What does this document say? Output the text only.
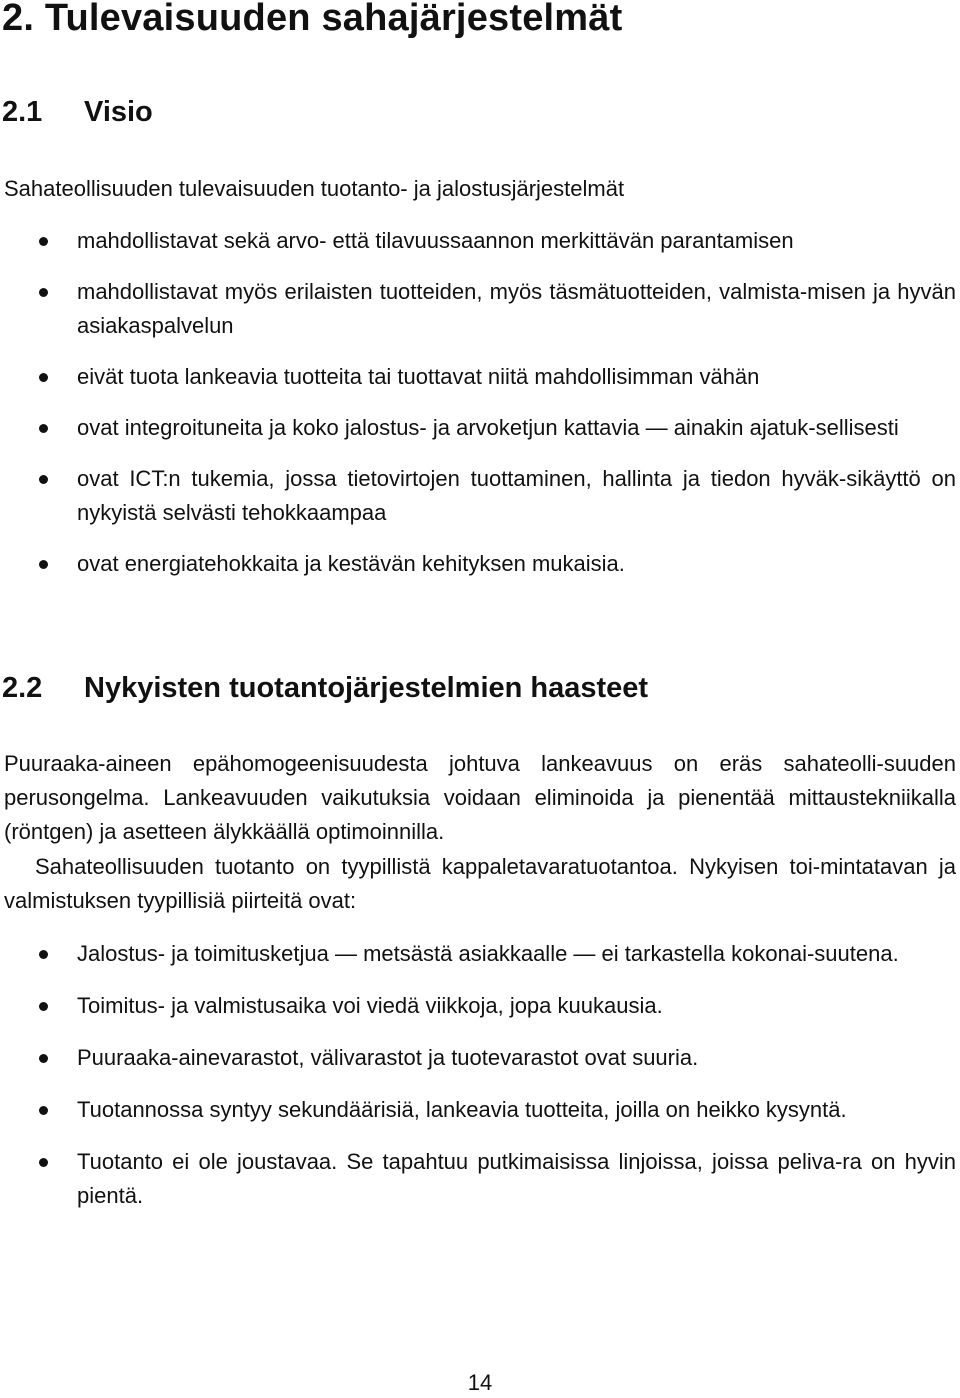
2. Tulevaisuuden sahajärjestelmät
2.1 Visio

Sahateollisuuden tulevaisuuden tuotanto- ja jalostusjärjestelmät

mahdollistavat sekä arvo- että tilavuussaannon merkittävän parantamisen
mahdollistavat myös erilaisten tuotteiden, myös täsmätuotteiden, valmista-misen ja hyvän asiakaspalvelun
eivät tuota lankeavia tuotteita tai tuottavat niitä mahdollisimman vähän
ovat integroituneita ja koko jalostus- ja arvoketjun kattavia ― ainakin ajatuk-sellisesti
ovat ICT:n tukemia, jossa tietovirtojen tuottaminen, hallinta ja tiedon hyväk-sikäyttö on nykyistä selvästi tehokkaampaa
ovat energiatehokkaita ja kestävän kehityksen mukaisia.
2.2 Nykyisten tuotantojärjestelmien haasteet

Puuraaka-aineen epähomogeenisuudesta johtuva lankeavuus on eräs sahateolli-suuden perusongelma. Lankeavuuden vaikutuksia voidaan eliminoida ja pienentää mittaustekniikalla (röntgen) ja asetteen älykkäällä optimoinnilla.

Sahateollisuuden tuotanto on tyypillistä kappaletavaratuotantoa. Nykyisen toi-mintatavan ja valmistuksen tyypillisiä piirteitä ovat:

Jalostus- ja toimitusketjua ― metsästä asiakkaalle ― ei tarkastella kokonai-suutena.
Toimitus- ja valmistusaika voi viedä viikkoja, jopa kuukausia.
Puuraaka-ainevarastot, välivarastot ja tuotevarastot ovat suuria.
Tuotannossa syntyy sekundäärisiä, lankeavia tuotteita, joilla on heikko kysyntä.
Tuotanto ei ole joustavaa. Se tapahtuu putkimaisissa linjoissa, joissa peliva-ra on hyvin pientä.

14
